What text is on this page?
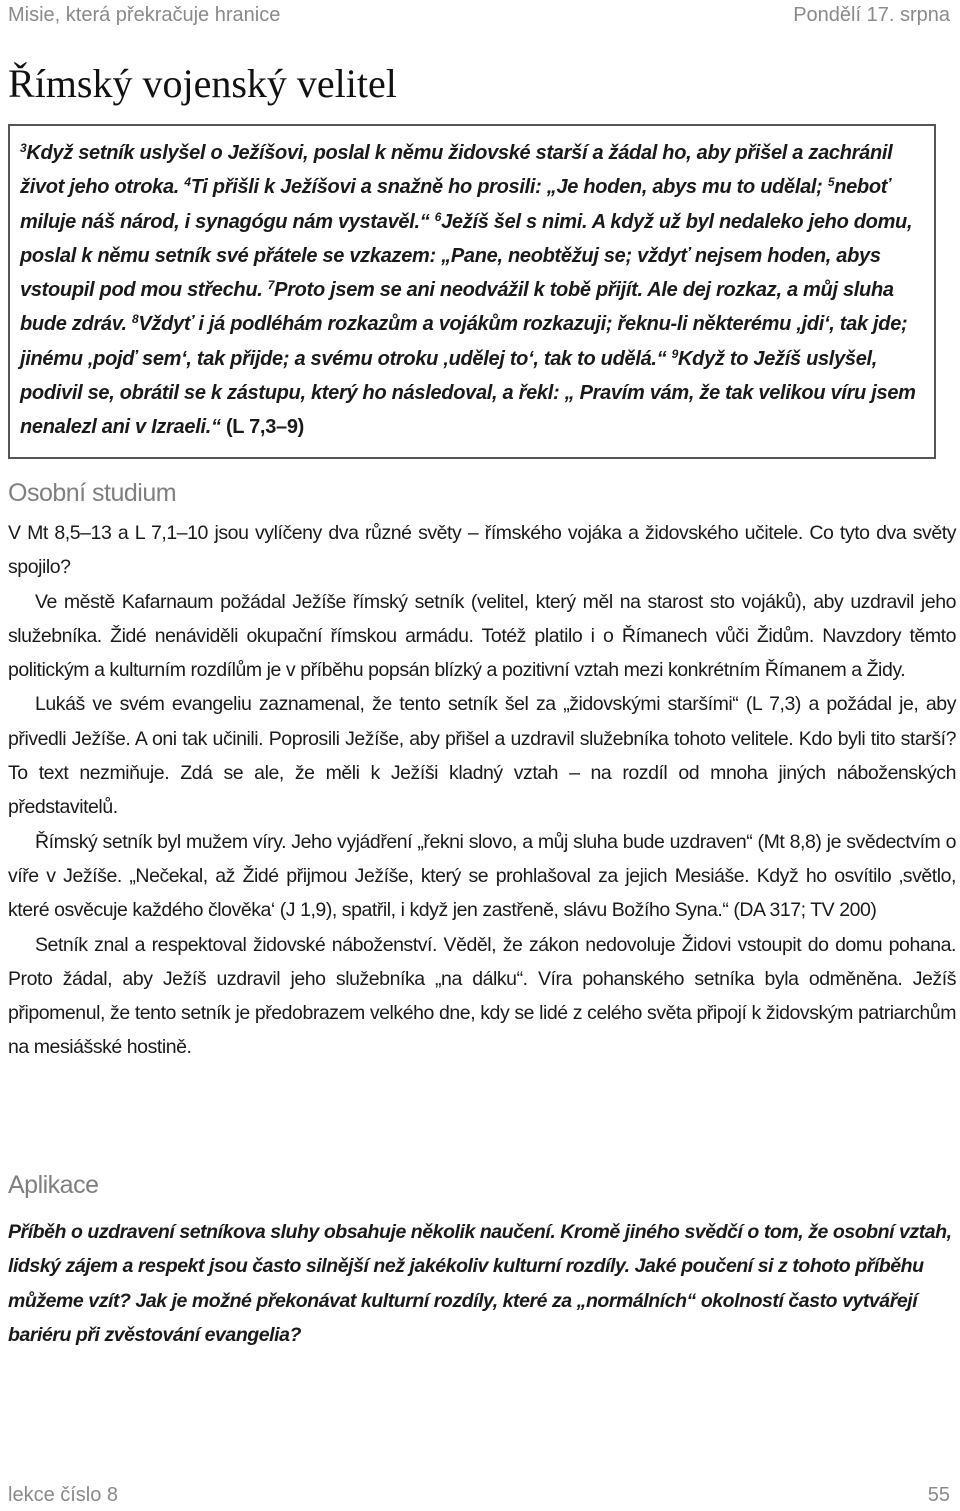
Misie, která překračuje hranice	Pondělí 17. srpna
Římský vojenský velitel

$^3$Když setník uslyšel o Ježíšovi, poslal k němu židovské starší a žádal ho, aby přišel a zachránil život jeho otroka. $^4$Ti přišli k Ježíšovi a snažně ho prosili: „Je hoden, abys mu to udělal; $^5$neboť miluje náš národ, i synagógu nám vystavěl.“ $^6$Ježíš šel s nimi. A když už byl nedaleko jeho domu, poslal k němu setník své přátele se vzkazem: „Pane, neobtěžuj se; vždyť nejsem hoden, abys vstoupil pod mou střechu. $^7$Proto jsem se ani neodvážil k tobě přijít. Ale dej rozkaz, a můj sluha bude zdráv. $^8$Vždyť i já podléhám rozkazům a vojákům rozkazuji; řeknu-li některému ‚jdi‘, tak jde; jinému ‚pojď sem‘, tak přijde; a svému otroku ‚udělej to‘, tak to udělá.“ $^9$Když to Ježíš uslyšel, podivil se, obrátil se k zástupu, který ho následoval, a řekl: „ Pravím vám, že tak velikou víru jsem nenalezl ani v Izraeli.“ (L 7,3–9)

Osobní studium

V Mt 8,5–13 a L 7,1–10 jsou vylíčeny dva různé světy – římského vojáka a židovského učitele. Co tyto dva světy spojilo?

Ve městě Kafarnaum požádal Ježíše římský setník (velitel, který měl na starost sto vojáků), aby uzdravil jeho služebníka. Židé nenáviděli okupační římskou armádu. Totéž platilo i o Římanech vůči Židům. Navzdory těmto politickým a kulturním rozdílům je v příběhu popsán blízký a pozitivní vztah mezi konkrétním Římanem a Židy.

Lukáš ve svém evangeliu zaznamenal, že tento setník šel za „židovskými staršími“ (L 7,3) a požádal je, aby přivedli Ježíše. A oni tak učinili. Poprosili Ježíše, aby přišel a uzdravil služebníka tohoto velitele. Kdo byli tito starší? To text nezmiňuje. Zdá se ale, že měli k Ježíši kladný vztah – na rozdíl od mnoha jiných náboženských představitelů.

Římský setník byl mužem víry. Jeho vyjádření „řekni slovo, a můj sluha bude uzdraven“ (Mt 8,8) je svědectvím o víře v Ježíše. „Nečekal, až Židé přijmou Ježíše, který se prohlašoval za jejich Mesiáše. Když ho osvítilo ‚světlo, které osvěcuje každého člověka‘ (J 1,9), spatřil, i když jen zastřeně, slávu Božího Syna.“ (DA 317; TV 200)

Setník znal a respektoval židovské náboženství. Věděl, že zákon nedovoluje Židovi vstoupit do domu pohana. Proto žádal, aby Ježíš uzdravil jeho služebníka „na dálku“. Víra pohanského setníka byla odměněna. Ježíš připomenul, že tento setník je předobrazem velkého dne, kdy se lidé z celého světa připojí k židovským patriarchům na mesiášské hostině.

Aplikace

Příběh o uzdravení setníkova sluhy obsahuje několik naučení. Kromě jiného svědčí o tom, že osobní vztah, lidský zájem a respekt jsou často silnější než jakékoliv kulturní rozdíly. Jaké poučení si z tohoto příběhu můžeme vzít? Jak je možné překonávat kulturní rozdíly, které za „normálních“ okolností často vytvářejí bariéru při zvěstování evangelia?

lekce číslo 8	55
